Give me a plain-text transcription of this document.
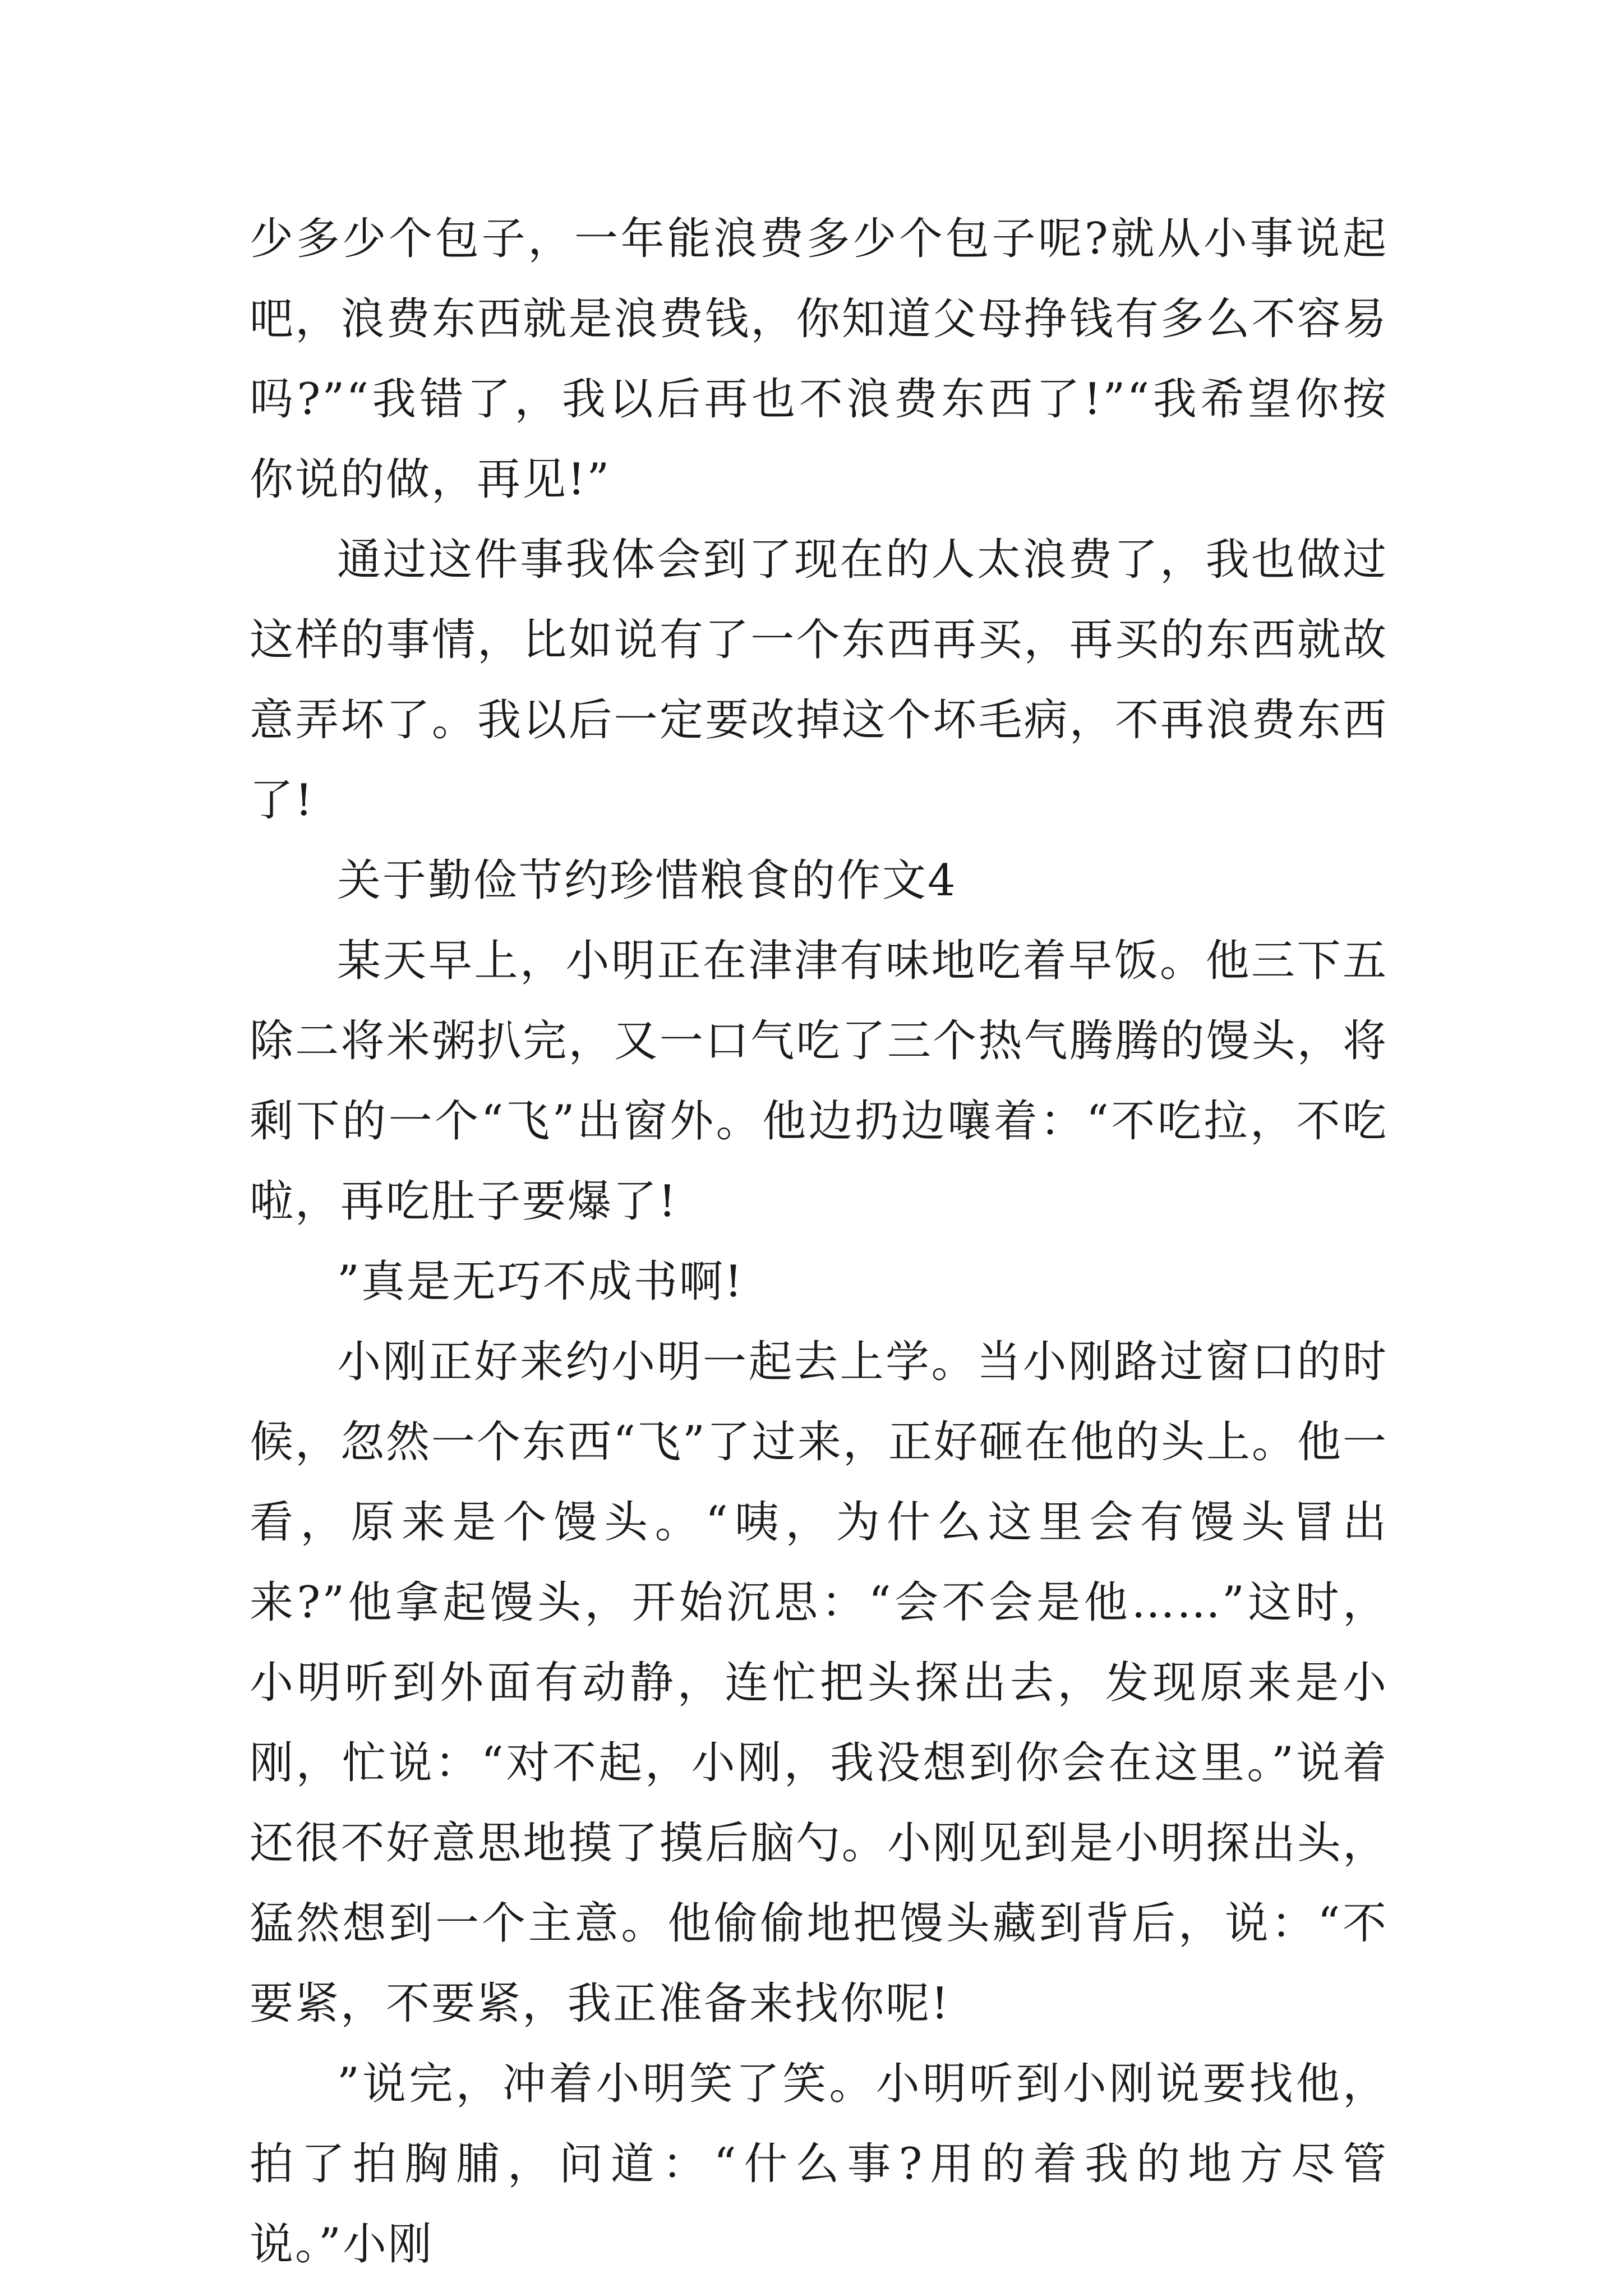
少多少个包子，一年能浪费多少个包子呢?就从小事说起吧，浪费东西就是浪费钱，你知道父母挣钱有多么不容易吗?”“我错了，我以后再也不浪费东西了!”“我希望你按你说的做，再见!”

通过这件事我体会到了现在的人太浪费了，我也做过这样的事情，比如说有了一个东西再买，再买的东西就故意弄坏了。我以后一定要改掉这个坏毛病，不再浪费东西了!

关于勤俭节约珍惜粮食的作文4

某天早上，小明正在津津有味地吃着早饭。他三下五除二将米粥扒完，又一口气吃了三个热气腾腾的馒头，将剩下的一个“飞”出窗外。他边扔边嚷着：“不吃拉，不吃啦，再吃肚子要爆了!

”真是无巧不成书啊!

小刚正好来约小明一起去上学。当小刚路过窗口的时候，忽然一个东西“飞”了过来，正好砸在他的头上。他一看，原来是个馒头。“咦，为什么这里会有馒头冒出来?”他拿起馒头，开始沉思：“会不会是他……”这时，小明听到外面有动静，连忙把头探出去，发现原来是小刚，忙说：“对不起，小刚，我没想到你会在这里。”说着还很不好意思地摸了摸后脑勺。小刚见到是小明探出头，猛然想到一个主意。他偷偷地把馒头藏到背后，说：“不要紧，不要紧，我正准备来找你呢!

”说完，冲着小明笑了笑。小明听到小刚说要找他，拍了拍胸脯，问道：“什么事?用的着我的地方尽管说。”小刚
